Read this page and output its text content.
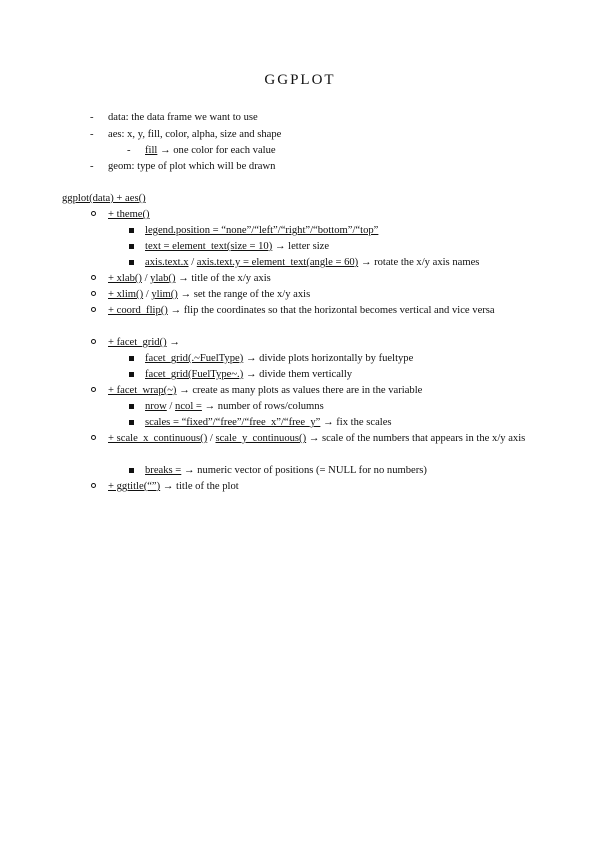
GGPLOT
- data: the data frame we want to use
- aes: x, y, fill, color, alpha, size and shape
- fill → one color for each value
- geom: type of plot which will be drawn
ggplot(data) + aes()
+ theme()
legend.position = “none”/“left”/“right”/“bottom”/“top”
text = element_text(size = 10) → letter size
axis.text.x / axis.text.y = element_text(angle = 60) → rotate the x/y axis names
+ xlab() / ylab() → title of the x/y axis
+ xlim() / ylim() → set the range of the x/y axis
+ coord_flip() → flip the coordinates so that the horizontal becomes vertical and vice versa
+ facet_grid() →
facet_grid(.~FuelType) → divide plots horizontally by fueltype
facet_grid(FuelType~.) → divide them vertically
+ facet_wrap(~) → create as many plots as values there are in the variable
nrow / ncol = → number of rows/columns
scales = “fixed”/“free”/“free_x”/“free_y” → fix the scales
+ scale_x_continuous() / scale_y_continuous() → scale of the numbers that appears in the x/y axis
breaks = → numeric vector of positions (= NULL for no numbers)
+ ggtitle(“”) → title of the plot
